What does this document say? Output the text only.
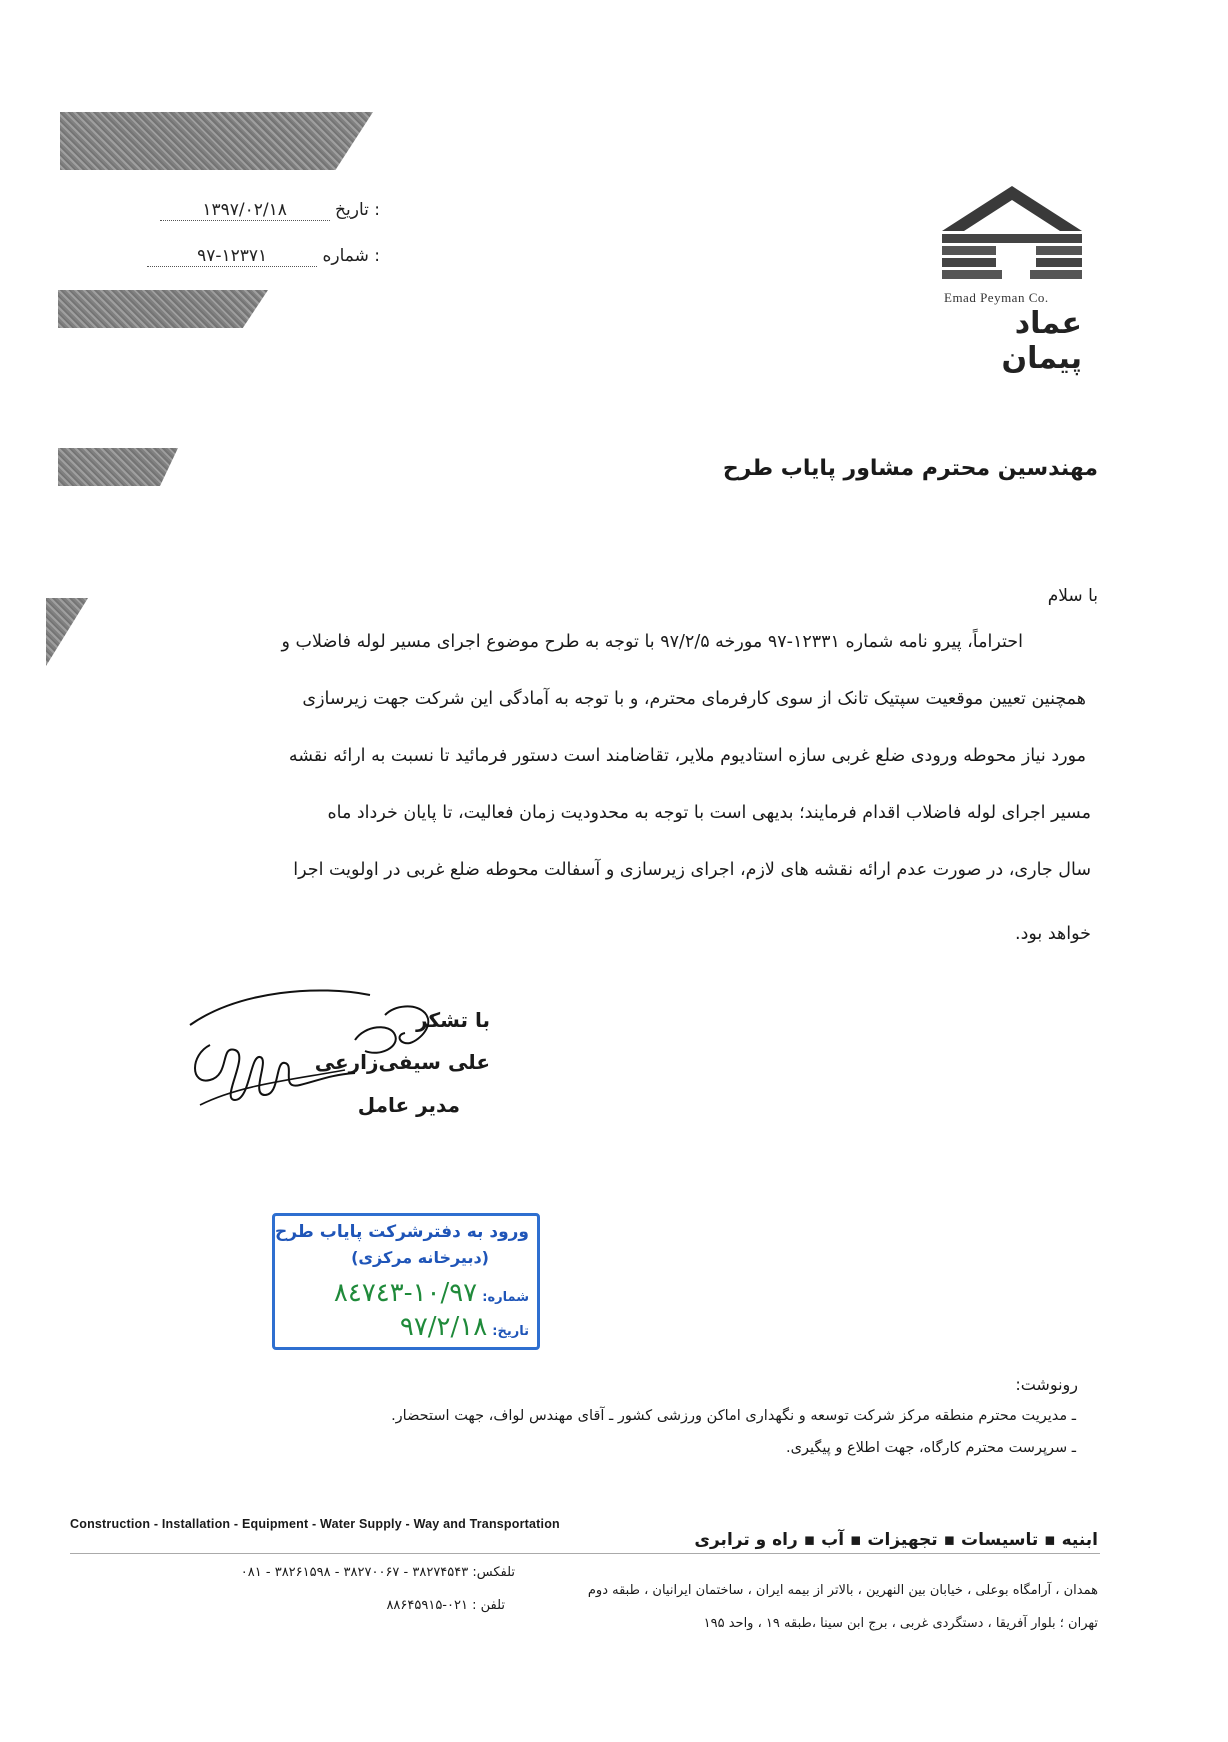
: تاریخ ۱۳۹۷/۰۲/۱۸
: شماره ۹۷-۱۲۳۷۱
Emad Peyman Co.
عماد پیمان
مهندسین محترم مشاور پایاب طرح
با سلام
احتراماً، پیرو نامه شماره ۱۲۳۳۱-۹۷ مورخه ۹۷/۲/۵ با توجه به طرح موضوع اجرای مسیر لوله فاضلاب و
همچنین تعیین موقعیت سپتیک تانک از سوی کارفرمای محترم، و با توجه به آمادگی این شرکت جهت زیرسازی
مورد نیاز محوطه ورودی ضلع غربی سازه استادیوم ملایر، تقاضامند است دستور فرمائید تا نسبت به ارائه نقشه
مسیر اجرای لوله فاضلاب اقدام فرمایند؛ بدیهی است با توجه به محدودیت زمان فعالیت، تا پایان خرداد ماه
سال جاری، در صورت عدم ارائه نقشه های لازم، اجرای زیرسازی و آسفالت محوطه ضلع غربی در اولویت اجرا
خواهد بود.
با تشکر
علی سیفی‌زارعی
مدیر عامل
ورود به دفترشرکت پایاب طرح
(دبیرخانه مرکزی)
شماره: ۱۰/۹۷-۸٤٧٤٣
تاریخ: ۹۷/۲/۱۸
رونوشت:
ـ مدیریت محترم منطقه مرکز شرکت توسعه و نگهداری اماکن ورزشی کشور ـ آقای مهندس لواف، جهت استحضار.
ـ سرپرست محترم کارگاه، جهت اطلاع و پیگیری.
Construction - Installation - Equipment - Water Supply - Way and Transportation
ابنیه ▪ تاسیسات ▪ تجهیزات ▪ آب ▪ راه و ترابری
تلفکس: ۳۸۲۷۴۵۴۳ - ۳۸۲۷۰۰۶۷ - ۳۸۲۶۱۵۹۸ - ۰۸۱
همدان ، آرامگاه بوعلی ، خیابان بین النهرین ، بالاتر از بیمه ایران ، ساختمان ایرانیان ، طبقه دوم
تلفن : ۰۲۱-۸۸۶۴۵۹۱۵
تهران ؛ بلوار آفریقا ، دستگردی غربی ، برج ابن سینا ،طبقه ۱۹ ، واحد ۱۹۵
